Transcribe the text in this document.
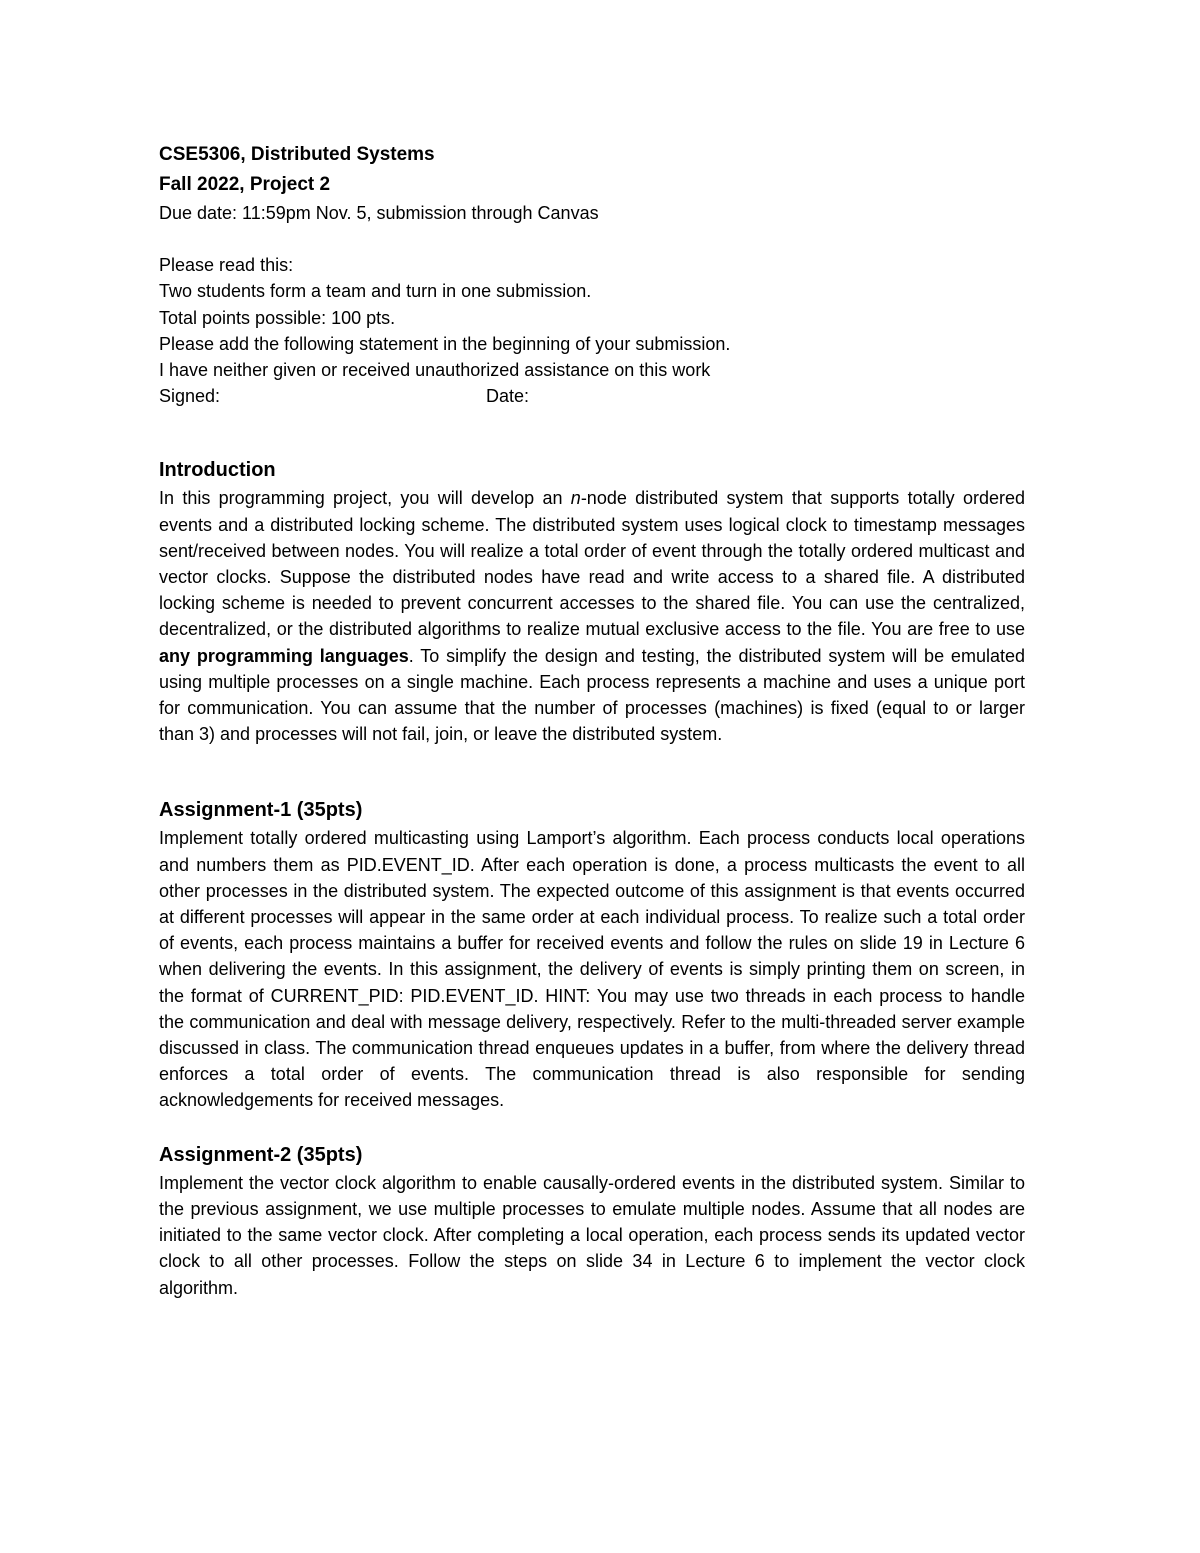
CSE5306, Distributed Systems
Fall 2022, Project 2
Due date: 11:59pm Nov. 5, submission through Canvas
Please read this:
Two students form a team and turn in one submission.
Total points possible: 100 pts.
Please add the following statement in the beginning of your submission.
I have neither given or received unauthorized assistance on this work
Signed:	Date:
Introduction

In this programming project, you will develop an n-node distributed system that supports totally ordered events and a distributed locking scheme. The distributed system uses logical clock to timestamp messages sent/received between nodes. You will realize a total order of event through the totally ordered multicast and vector clocks. Suppose the distributed nodes have read and write access to a shared file. A distributed locking scheme is needed to prevent concurrent accesses to the shared file. You can use the centralized, decentralized, or the distributed algorithms to realize mutual exclusive access to the file. You are free to use any programming languages. To simplify the design and testing, the distributed system will be emulated using multiple processes on a single machine. Each process represents a machine and uses a unique port for communication. You can assume that the number of processes (machines) is fixed (equal to or larger than 3) and processes will not fail, join, or leave the distributed system.

Assignment-1 (35pts)

Implement totally ordered multicasting using Lamport’s algorithm. Each process conducts local operations and numbers them as PID.EVENT_ID. After each operation is done, a process multicasts the event to all other processes in the distributed system. The expected outcome of this assignment is that events occurred at different processes will appear in the same order at each individual process. To realize such a total order of events, each process maintains a buffer for received events and follow the rules on slide 19 in Lecture 6 when delivering the events. In this assignment, the delivery of events is simply printing them on screen, in the format of CURRENT_PID: PID.EVENT_ID. HINT: You may use two threads in each process to handle the communication and deal with message delivery, respectively. Refer to the multi-threaded server example discussed in class. The communication thread enqueues updates in a buffer, from where the delivery thread enforces a total order of events. The communication thread is also responsible for sending acknowledgements for received messages.

Assignment-2 (35pts)

Implement the vector clock algorithm to enable causally-ordered events in the distributed system. Similar to the previous assignment, we use multiple processes to emulate multiple nodes. Assume that all nodes are initiated to the same vector clock. After completing a local operation, each process sends its updated vector clock to all other processes. Follow the steps on slide 34 in Lecture 6 to implement the vector clock algorithm.
